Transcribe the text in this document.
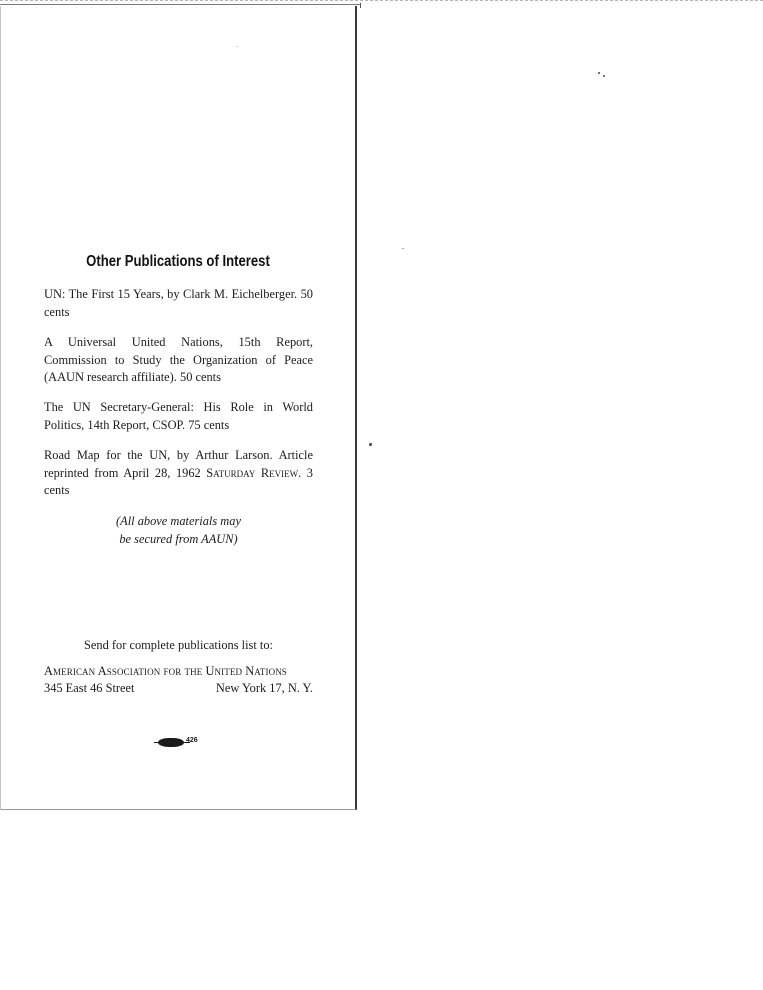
Other Publications of Interest
UN: The First 15 Years, by Clark M. Eichelberger. 50 cents
A Universal United Nations, 15th Report, Commission to Study the Organization of Peace (AAUN research affiliate). 50 cents
The UN Secretary-General: His Role in World Politics, 14th Report, CSOP. 75 cents
Road Map for the UN, by Arthur Larson. Article reprinted from April 28, 1962 Saturday Review. 3 cents
(All above materials may
be secured from AAUN)
Send for complete publications list to:
American Association for the United Nations
345 East 46 Street	New York 17, N. Y.
426
